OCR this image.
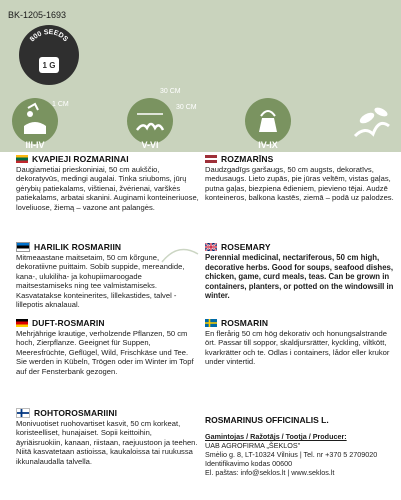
BK-1205-1693
800 SEEDS
1 G
1 CM
III-IV
30 CM
30 CM
V-VI	IV-IX
KVAPIEJI ROZMARINAI
Daugiametiai prieskoniniai, 50 cm aukščio, dekoratyvūs, medingi augalai. Tinka sriuboms, jūrų gėrybių patiekalams, vištienai, žvėrienai, varškės patiekalams, arbatai skanini. Auginami konteineriuose, loveliuose, žiemą – vazone ant palangės.
ROZMARĪNS
Daudzgadīgs garšaugs, 50 cm augsts, dekoratīvs, medusaugs. Lieto zupās, pie jūras veltēm, vistas gaļas, putna gaļas, biezpiena ēdieniem, pievieno tējai. Audzē konteineros, balkona kastēs, ziemā – podā uz palodzes.
HARILIK ROSMARIIN
Mitmeaastane maitsetaim, 50 cm kõrgune, dekoratiivne puittaim. Sobib suppide, mereandide, kana-, ulukiliha- ja kohupiimaroogade maitsestamiseks ning tee valmistamiseks. Kasvatatakse konteinerites, lillekastides, talvel - lillepotis aknalaual.
ROSEMARY
Perennial medicinal, nectariferous, 50 cm high, decorative herbs. Good for soups, seafood dishes, chicken, game, curd meals, teas. Can be grown in containers, planters, or potted on the windowsill in winter.
DUFT-ROSMARIN
Mehrjährige krautige, verholzende Pflanzen, 50 cm hoch, Zierpflanze. Geeignet für Suppen, Meeresfrüchte, Geflügel, Wild, Frischkäse und Tee. Sie werden in Kübeln, Trögen oder im Winter im Topf auf der Fensterbank gezogen.
ROSMARIN
En flerårig 50 cm hög dekorativ och honungsalstrande ört. Passar till soppor, skaldjursrätter, kyckling, viltkött, kvarkrätter och te. Odlas i containers, lådor eller krukor under vintertid.
ROHTOROSMARIINI
Monivuotiset ruohovartiset kasvit, 50 cm korkeat, koristeelliset, hunajaiset. Sopii keittoihin, äyriäisruokiin, kanaan, riistaan, raejuustoon ja teehen. Niitä kasvatetaan astioissa, kaukaloissa tai ruukussa ikkunalaudalla talvella.
ROSMARINUS OFFICINALIS L.
Gamintojas / Ražotājs / Tootja / Producer:
UAB AGROFIRMA „ŠEKLOS"
Smėlio g. 8, LT-10324 Vilnius | Tel. nr +370 5 2709020
Identifikavimo kodas 00600
El. paštas: info@seklos.lt | www.seklos.lt
